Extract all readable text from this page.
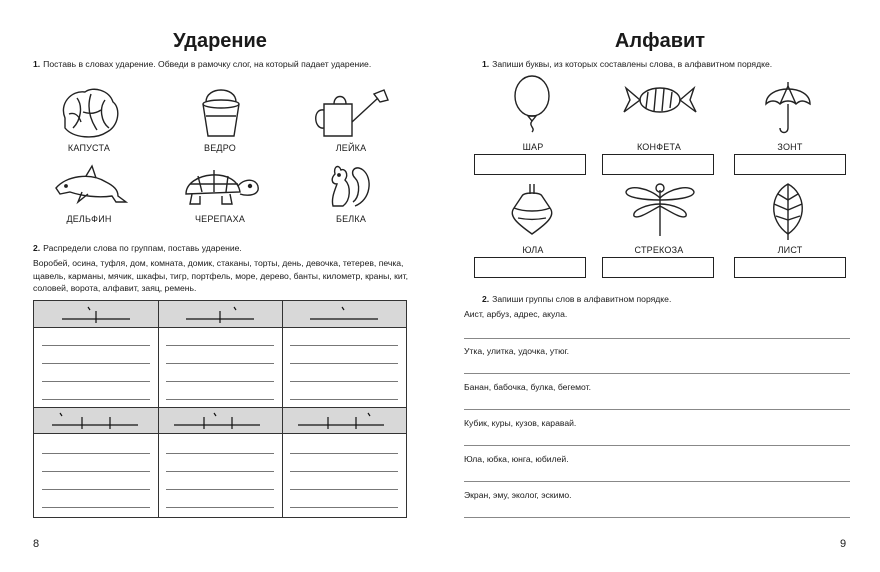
Ударение
1. Поставь в словах ударение. Обведи в рамочку слог, на который падает ударение.
КАПУСТА	ВЕДРО	ЛЕЙКА
ДЕЛЬФИН	ЧЕРЕПАХА	БЕЛКА
2. Распредели слова по группам, поставь ударение.
Воробей, осина, туфля, дом, комната, домик, стаканы, торты, день, девочка, тетерев, печка, щавель, карманы, мячик, шкафы, тигр, портфель, море, дерево, банты, километр, краны, кит, соловей, ворота, алфавит, заяц, ремень.
8
Алфавит
1. Запиши буквы, из которых составлены слова, в алфавитном порядке.
ШАР	КОНФЕТА	ЗОНТ
ЮЛА	СТРЕКОЗА	ЛИСТ
2. Запиши группы слов в алфавитном порядке.
Аист, арбуз, адрес, акула.
Утка, улитка, удочка, утюг.
Банан, бабочка, булка, бегемот.
Кубик, куры, кузов, каравай.
Юла, юбка, юнга, юбилей.
Экран, эму, эколог, эскимо.
9
